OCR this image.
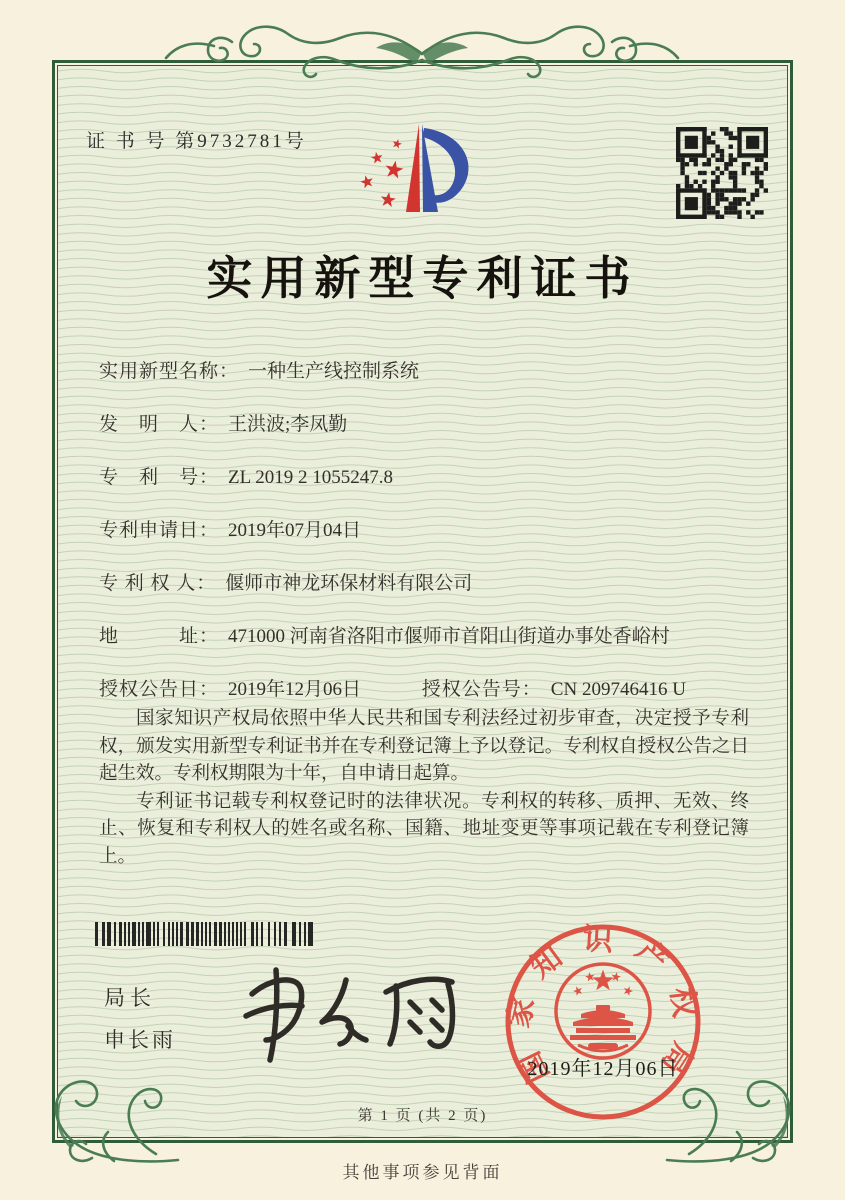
证 书 号 第9732781号
实用新型专利证书
实用新型名称： 一种生产线控制系统
发　明　人： 王洪波;李凤勤
专　利　号： ZL 2019 2 1055247.8
专利申请日： 2019年07月04日
专 利 权 人： 偃师市神龙环保材料有限公司
地　　　址： 471000 河南省洛阳市偃师市首阳山街道办事处香峪村
授权公告日： 2019年12月06日	授权公告号： CN 209746416 U

国家知识产权局依照中华人民共和国专利法经过初步审查，决定授予专利权，颁发实用新型专利证书并在专利登记簿上予以登记。专利权自授权公告之日起生效。专利权期限为十年，自申请日起算。

专利证书记载专利权登记时的法律状况。专利权的转移、质押、无效、终止、恢复和专利权人的姓名或名称、国籍、地址变更等事项记载在专利登记簿上。

局长
申长雨	国家知识产权局
2019年12月06日
第 1 页 (共 2 页)
其他事项参见背面
